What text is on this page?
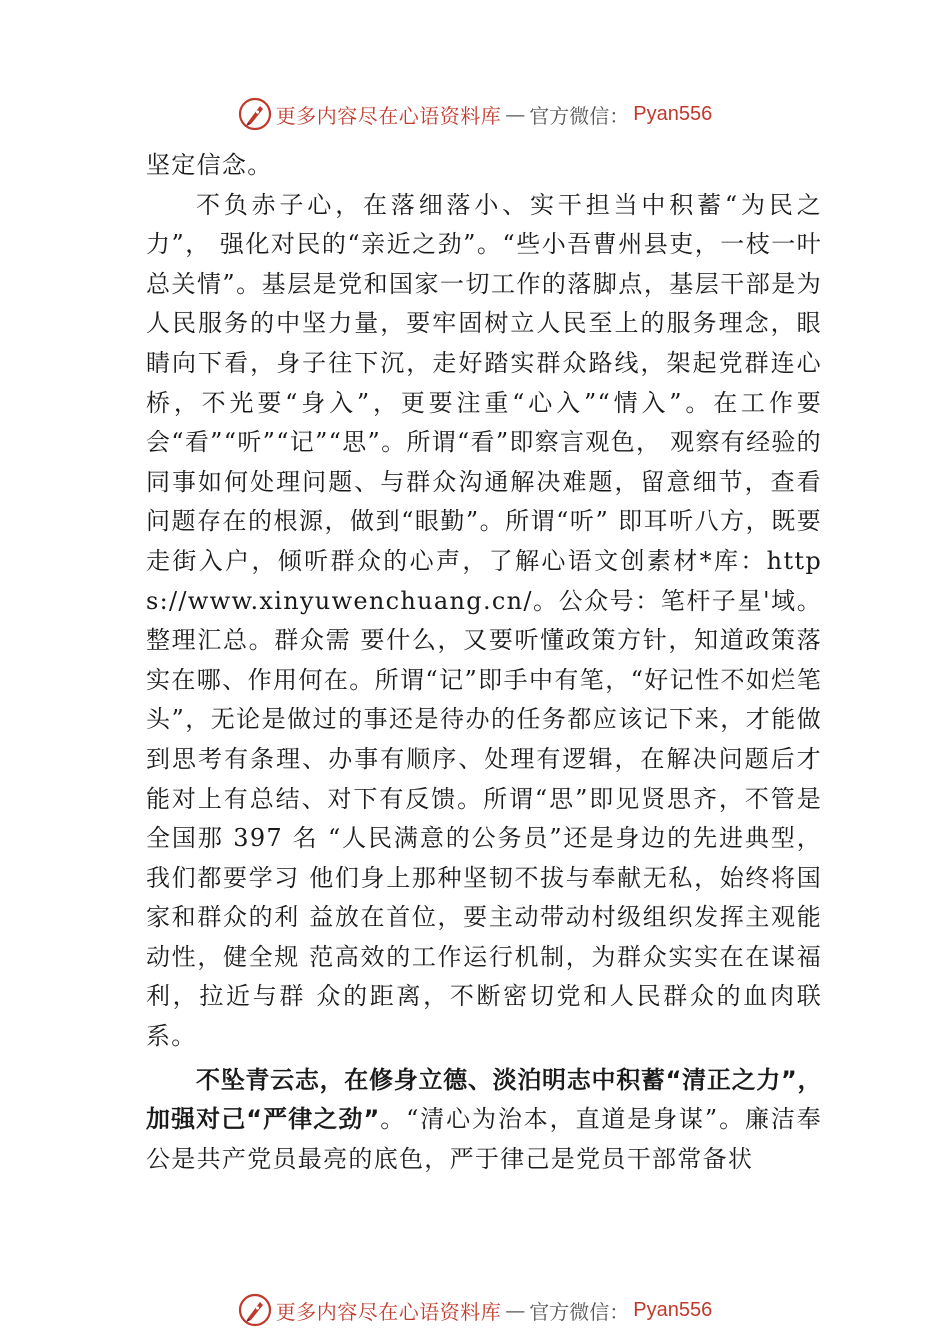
更多内容尽在心语资料库 — 官方微信： Pyan556

坚定信念。

不负赤子心，在落细落小、实干担当中积蓄“为民之力”， 强化对民的“亲近之劲”。“些小吾曹州县吏，一枝一叶总关情”。基层是党和国家一切工作的落脚点，基层干部是为 人民服务的中坚力量，要牢固树立人民至上的服务理念，眼 睛向下看，身子往下沉，走好踏实群众路线，架起党群连心 桥，不光要“身入”，更要注重“心入”“情入”。在工作要会“看”“听”“记”“思”。所谓“看”即察言观色， 观察有经验的同事如何处理问题、与群众沟通解决难题，留意细节，查看问题存在的根源，做到“眼勤”。所谓“听” 即耳听八方，既要走街入户，倾听群众的心声，了解心语文创素材*库：https://www.xinyuwenchuang.cn/。公众号：笔杆子星'域。整理汇总。群众需 要什么，又要听懂政策方针，知道政策落实在哪、作用何在。所谓“记”即手中有笔，“好记性不如烂笔头”，无论是做过的事还是待办的任务都应该记下来，才能做到思考有条理、办事有顺序、处理有逻辑，在解决问题后才能对上有总结、对下有反馈。所谓“思”即见贤思齐，不管是全国那 397 名 “人民满意的公务员”还是身边的先进典型，我们都要学习 他们身上那种坚韧不拔与奉献无私，始终将国家和群众的利 益放在首位，要主动带动村级组织发挥主观能动性，健全规 范高效的工作运行机制，为群众实实在在谋福利，拉近与群 众的距离，不断密切党和人民群众的血肉联系。

不坠青云志，在修身立德、淡泊明志中积蓄“清正之力”，加强对己“严律之劲”。“清心为治本，直道是身谋”。廉洁奉公是共产党员最亮的底色，严于律己是党员干部常备状

更多内容尽在心语资料库 — 官方微信： Pyan556
